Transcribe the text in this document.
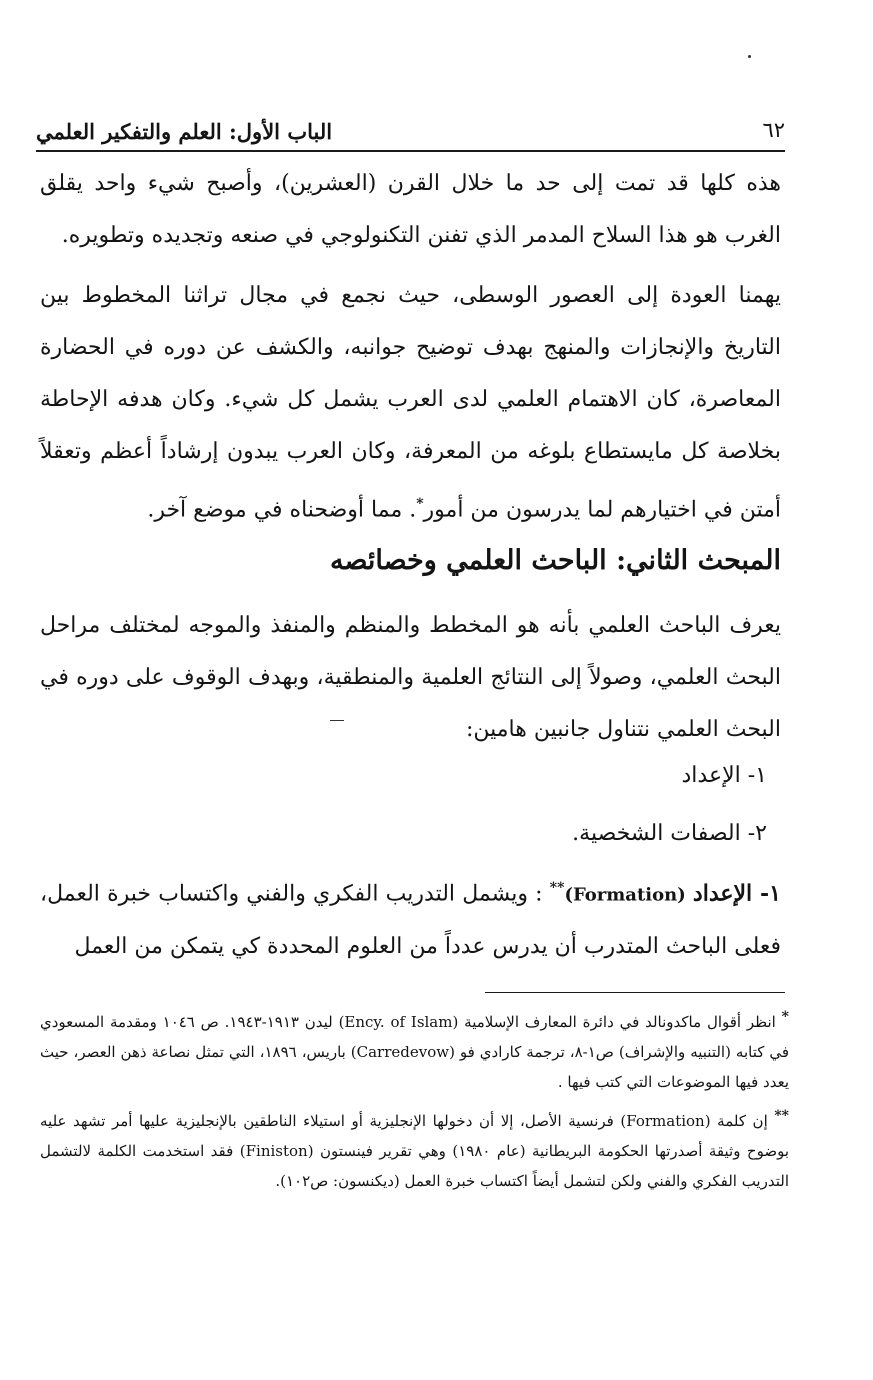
٦٢
الباب الأول: العلم والتفكير العلمي

هذه كلها قد تمت إلى حد ما خلال القرن (العشرين)، وأصبح شيء واحد يقلق الغرب هو هذا السلاح المدمر الذي تفنن التكنولوجي في صنعه وتجديده وتطويره.

يهمنا العودة إلى العصور الوسطى، حيث نجمع في مجال تراثنا المخطوط بين التاريخ والإنجازات والمنهج بهدف توضيح جوانبه، والكشف عن دوره في الحضارة المعاصرة، كان الاهتمام العلمي لدى العرب يشمل كل شيء. وكان هدفه الإحاطة بخلاصة كل مايستطاع بلوغه من المعرفة، وكان العرب يبدون إرشاداً أعظم وتعقلاً أمتن في اختيارهم لما يدرسون من أمور*. مما أوضحناه في موضع آخر.

المبحث الثاني: الباحث العلمي وخصائصه

يعرف الباحث العلمي بأنه هو المخطط والمنظم والمنفذ والموجه لمختلف مراحل البحث العلمي، وصولاً إلى النتائج العلمية والمنطقية، وبهدف الوقوف على دوره في البحث العلمي نتناول جانبين هامين:

١- الإعداد
٢- الصفات الشخصية.

١- الإعداد (Formation)** : ويشمل التدريب الفكري والفني واكتساب خبرة العمل، فعلى الباحث المتدرب أن يدرس عدداً من العلوم المحددة كي يتمكن من العمل

* انظر أقوال ماكدونالد في دائرة المعارف الإسلامية (Ency. of Islam) ليدن ١٩١٣-١٩٤٣. ص ١٠٤٦ ومقدمة المسعودي في كتابه (التنبيه والإشراف) ص١-٨، ترجمة كارادي فو (Carredevow) باريس، ١٨٩٦، التي تمثل نصاعة ذهن العصر، حيث يعدد فيها الموضوعات التي كتب فيها .

** إن كلمة (Formation) فرنسية الأصل، إلا أن دخولها الإنجليزية أو استيلاء الناطقين بالإنجليزية عليها أمر تشهد عليه بوضوح وثيقة أصدرتها الحكومة البريطانية (عام ١٩٨٠) وهي تقرير فينستون (Finiston) فقد استخدمت الكلمة لالتشمل التدريب الفكري والفني ولكن لتشمل أيضاً اكتساب خبرة العمل (ديكنسون: ص١٠٢).
